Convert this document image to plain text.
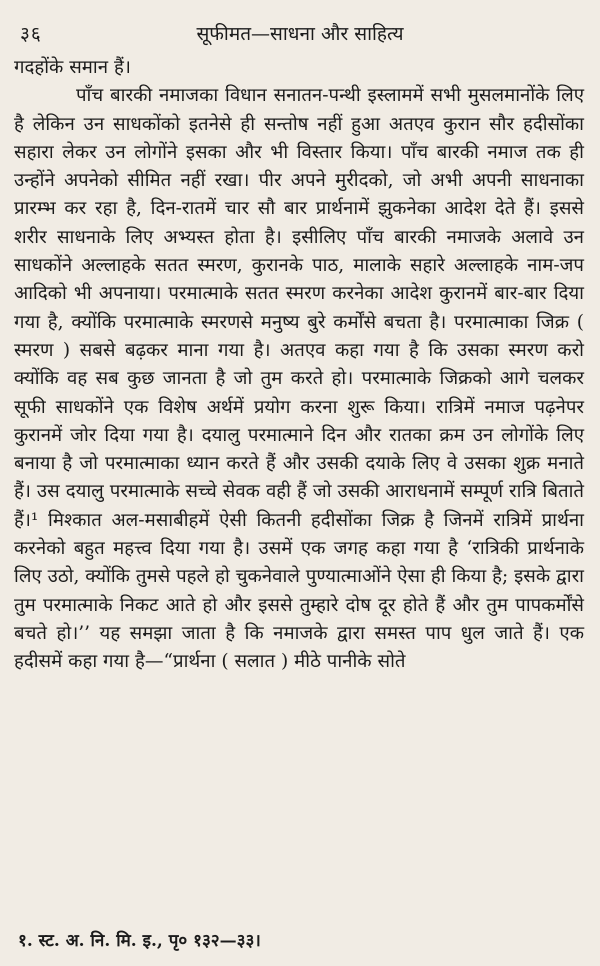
३६	सूफीमत—साधना और साहित्य

गदहोंके समान हैं।

पाँच बारकी नमाजका विधान सनातन-पन्थी इस्लाममें सभी मुसलमानोंके लिए है लेकिन उन साधकोंको इतनेसे ही सन्तोष नहीं हुआ अतएव कुरान सौर हदीसोंका सहारा लेकर उन लोगोंने इसका और भी विस्तार किया। पाँच बारकी नमाज तक ही उन्होंने अपनेको सीमित नहीं रखा। पीर अपने मुरीदको, जो अभी अपनी साधनाका प्रारम्भ कर रहा है, दिन-रातमें चार सौ बार प्रार्थनामें झुकनेका आदेश देते हैं। इससे शरीर साधनाके लिए अभ्यस्त होता है। इसीलिए पाँच बारकी नमाजके अलावे उन साधकोंने अल्लाहके सतत स्मरण, कुरानके पाठ, मालाके सहारे अल्लाहके नाम-जप आदिको भी अपनाया। परमात्माके सतत स्मरण करनेका आदेश कुरानमें बार-बार दिया गया है, क्योंकि परमात्माके स्मरणसे मनुष्य बुरे कर्मोंसे बचता है। परमात्माका जिक्र ( स्मरण ) सबसे बढ़कर माना गया है। अतएव कहा गया है कि उसका स्मरण करो क्योंकि वह सब कुछ जानता है जो तुम करते हो। परमात्माके जिक्रको आगे चलकर सूफी साधकोंने एक विशेष अर्थमें प्रयोग करना शुरू किया। रात्रिमें नमाज पढ़नेपर कुरानमें जोर दिया गया है। दयालु परमात्माने दिन और रातका क्रम उन लोगोंके लिए बनाया है जो परमात्माका ध्यान करते हैं और उसकी दयाके लिए वे उसका शुक्र मनाते हैं। उस दयालु परमात्माके सच्चे सेवक वही हैं जो उसकी आराधनामें सम्पूर्ण रात्रि बिताते हैं।¹ मिश्कात अल-मसाबीहमें ऐसी कितनी हदीसोंका जिक्र है जिनमें रात्रिमें प्रार्थना करनेको बहुत महत्त्व दिया गया है। उसमें एक जगह कहा गया है ‘रात्रिकी प्रार्थनाके लिए उठो, क्योंकि तुमसे पहले हो चुकनेवाले पुण्यात्माओंने ऐसा ही किया है; इसके द्वारा तुम परमात्माके निकट आते हो और इससे तुम्हारे दोष दूर होते हैं और तुम पापकर्मोंसे बचते हो।’’ यह समझा जाता है कि नमाजके द्वारा समस्त पाप धुल जाते हैं। एक हदीसमें कहा गया है—“प्रार्थना ( सलात ) मीठे पानीके सोते

१. स्ट. अ. नि. मि. इ., पृ० १३२—३३।
